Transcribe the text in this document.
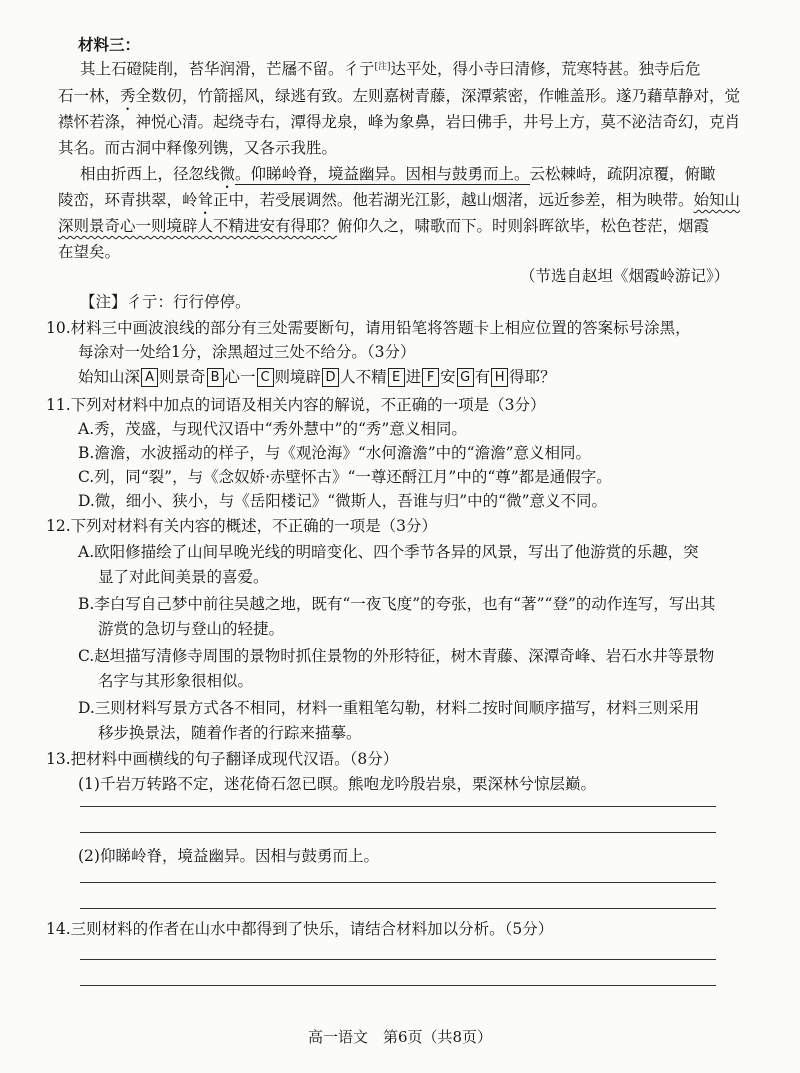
材料三：
其上石磴陡削，苔华润滑，芒屩不留。彳亍[注]达平处，得小寺曰清修，荒寒特甚。独寺后危
石一林，秀全数仞，竹箭摇风，绿逃有致。左则嘉树青藤，深潭萦密，作帷盖形。遂乃藉草静对，觉
襟怀若涤，神悦心清。起绕寺右，潭得龙泉，峰为象鼻，岩曰佛手，井号上方，莫不泌洁奇幻，克肖
其名。而古洞中释像列镌，又各示我胜。
相由折西上，径忽线微。仰睇岭脊，境益幽异。因相与鼓勇而上。云松棘峙，疏阴凉覆，俯瞰
陵峦，环青拱翠，岭耸正中，若受展调然。他若湖光江影，越山烟渚，远近参差，相为映带。始知山
深则景奇心一则境辟人不精进安有得耶？俯仰久之，啸歌而下。时则斜晖欲毕，松色苍茫，烟霞
在望矣。
（节选自赵坦《烟霞岭游记》）
【注】彳亍：行行停停。
10.材料三中画波浪线的部分有三处需要断句，请用铅笔将答题卡上相应位置的答案标号涂黑，
每涂对一处给1分，涂黑超过三处不给分。（3分）
始知山深 A 则景奇 B 心一 C 则境辟 D 人不精 E 进 F 安 G 有 H 得耶？
11.下列对材料中加点的词语及相关内容的解说，不正确的一项是（3分）
A.秀，茂盛，与现代汉语中“秀外慧中”的“秀”意义相同。
B.澹澹，水波摇动的样子，与《观沧海》“水何澹澹”中的“澹澹”意义相同。
C.列，同“裂”，与《念奴娇·赤壁怀古》“一尊还酹江月”中的“尊”都是通假字。
D.微，细小、狭小，与《岳阳楼记》“微斯人，吾谁与归”中的“微”意义不同。
12.下列对材料有关内容的概述，不正确的一项是（3分）
A.欧阳修描绘了山间早晚光线的明暗变化、四个季节各异的风景，写出了他游赏的乐趣，突
显了对此间美景的喜爱。
B.李白写自己梦中前往吴越之地，既有“一夜飞度”的夸张，也有“著”“登”的动作连写，写出其
游赏的急切与登山的轻捷。
C.赵坦描写清修寺周围的景物时抓住景物的外形特征，树木青藤、深潭奇峰、岩石水井等景物
名字与其形象很相似。
D.三则材料写景方式各不相同，材料一重粗笔勾勒，材料二按时间顺序描写，材料三则采用
移步换景法，随着作者的行踪来描摹。
13.把材料中画横线的句子翻译成现代汉语。（8分）
(1)千岩万转路不定，迷花倚石忽已暝。熊咆龙吟殷岩泉，栗深林兮惊层巅。
(2)仰睇岭脊，境益幽异。因相与鼓勇而上。
14.三则材料的作者在山水中都得到了快乐，请结合材料加以分析。（5分）
高一语文　第6页（共8页）
